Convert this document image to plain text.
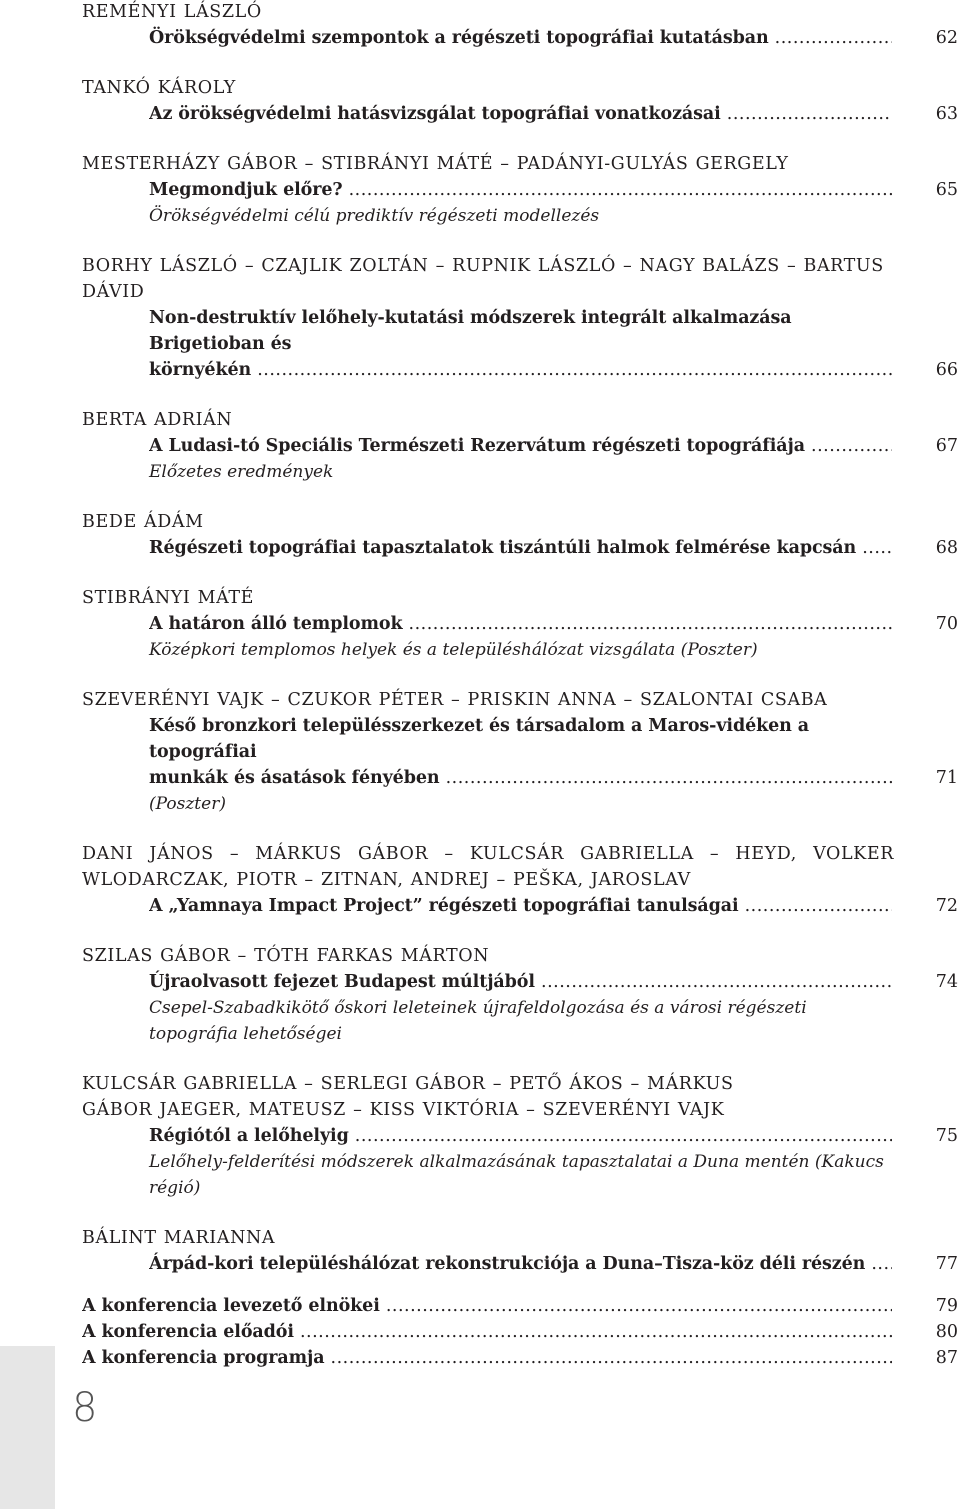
REMÉNYI LÁSZLÓ
Örökségvédelmi szempontok a régészeti topográfiai kutatásban .....	62
TANKÓ KÁROLY
Az örökségvédelmi hatásvizsgálat topográfiai vonatkozásai .....	63
MESTERHÁZY GÁBOR – STIBRÁNYI MÁTÉ – PADÁNYI-GULYÁS GERGELY
Megmondjuk előre? .....	65
Örökségvédelmi célú prediktív régészeti modellezés
BORHY LÁSZLÓ – CZAJLIK ZOLTÁN – RUPNIK LÁSZLÓ – NAGY BALÁZS – BARTUS DÁVID
Non-destruktív lelőhely-kutatási módszerek integrált alkalmazása Brigetioban és
környékén .....	66
BERTA ADRIÁN
A Ludasi-tó Speciális Természeti Rezervátum régészeti topográfiája .....	67
Előzetes eredmények
BEDE ÁDÁM
Régészeti topográfiai tapasztalatok tiszántúli halmok felmérése kapcsán .....	68
STIBRÁNYI MÁTÉ
A határon álló templomok .....	70
Középkori templomos helyek és a településhálózat vizsgálata (Poszter)
SZEVERÉNYI VAJK – CZUKOR PÉTER – PRISKIN ANNA – SZALONTAI CSABA
Késő bronzkori településszerkezet és társadalom a Maros-vidéken a topográfiai
munkák és ásatások fényében .....	71
(Poszter)
DANI JÁNOS – MÁRKUS GÁBOR – KULCSÁR GABRIELLA – HEYD, VOLKER WLODARCZAK, PIOTR – ZITNAN, ANDREJ – PEŠKA, JAROSLAV
A „Yamnaya Impact Project” régészeti topográfiai tanulságai .....	72
SZILAS GÁBOR – TÓTH FARKAS MÁRTON
Újraolvasott fejezet Budapest múltjából .....	74
Csepel-Szabadkikötő őskori leleteinek újrafeldolgozása és a városi régészeti topográfia lehetőségei
KULCSÁR GABRIELLA – SERLEGI GÁBOR – PETŐ ÁKOS – MÁRKUS GÁBOR JAEGER, MATEUSZ – KISS VIKTÓRIA – SZEVERÉNYI VAJK
Régiótól a lelőhelyig .....	75
Lelőhely-felderítési módszerek alkalmazásának tapasztalatai a Duna mentén (Kakucs régió)
BÁLINT MARIANNA
Árpád-kori településhálózat rekonstrukciója a Duna–Tisza-köz déli részén .....	77
A konferencia levezető elnökei .....	79
A konferencia előadói .....	80
A konferencia programja .....	87
8
